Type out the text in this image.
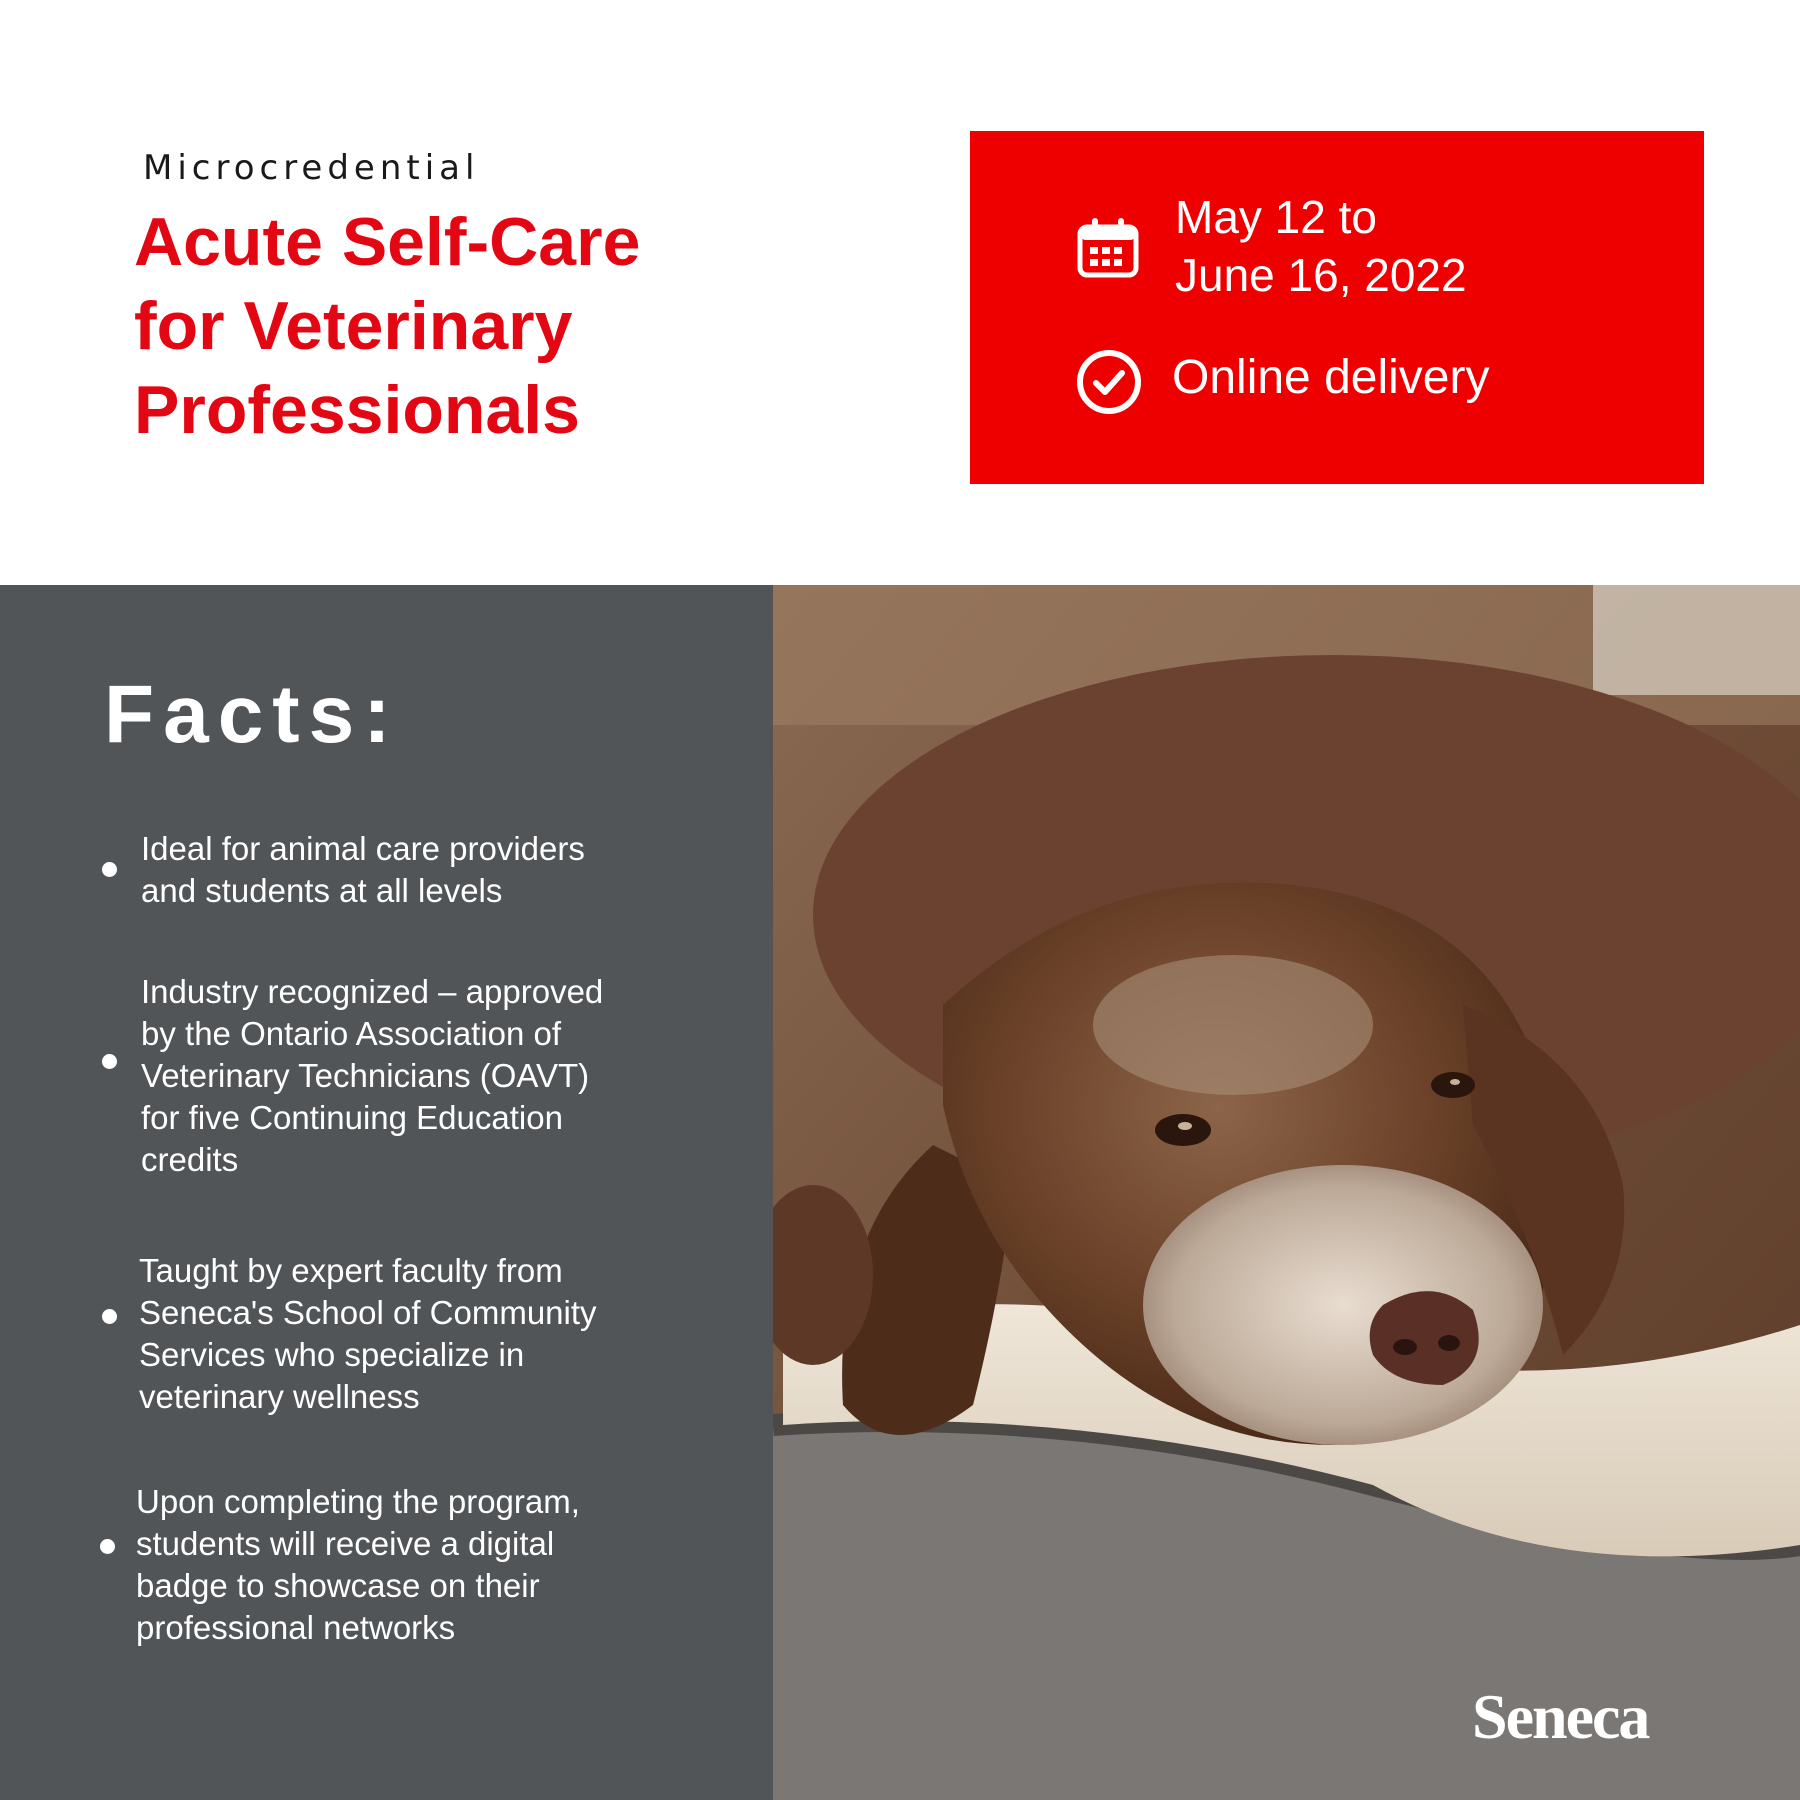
Microcredential
Acute Self-Care
for Veterinary
Professionals
May 12 to
June 16, 2022
Online delivery
Facts:
Ideal for animal care providers
and students at all levels
Industry recognized – approved
by the Ontario Association of
Veterinary Technicians (OAVT)
for five Continuing Education
credits
Taught by expert faculty from
Seneca's School of Community
Services who specialize in
veterinary wellness
Upon completing the program,
students will receive a digital
badge to showcase on their
professional networks
Seneca
